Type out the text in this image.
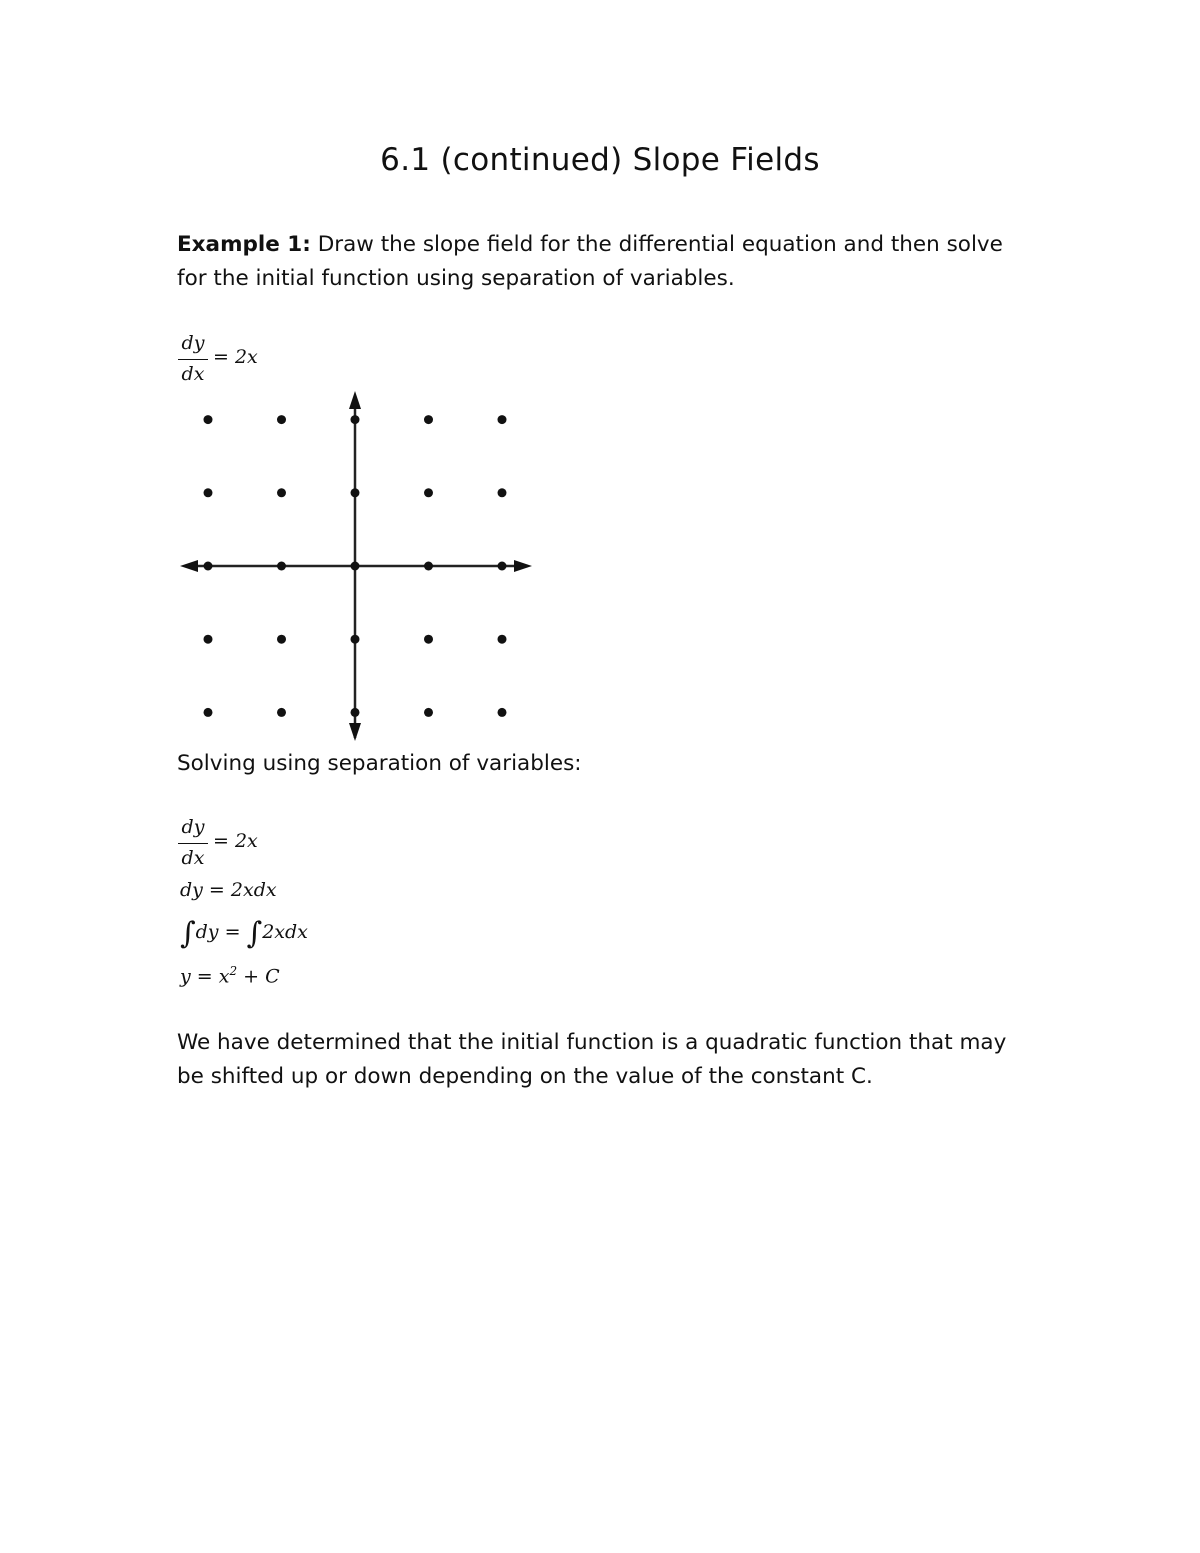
6.1 (continued) Slope Fields
Example 1: Draw the slope field for the differential equation and then solve for the initial function using separation of variables.
dy
dx
= 2x
Solving using separation of variables:
dy
dx
= 2x
dy = 2xdx
∫dy = ∫2xdx
$y = x^2 + C$
We have determined that the initial function is a quadratic function that may be shifted up or down depending on the value of the constant C.
